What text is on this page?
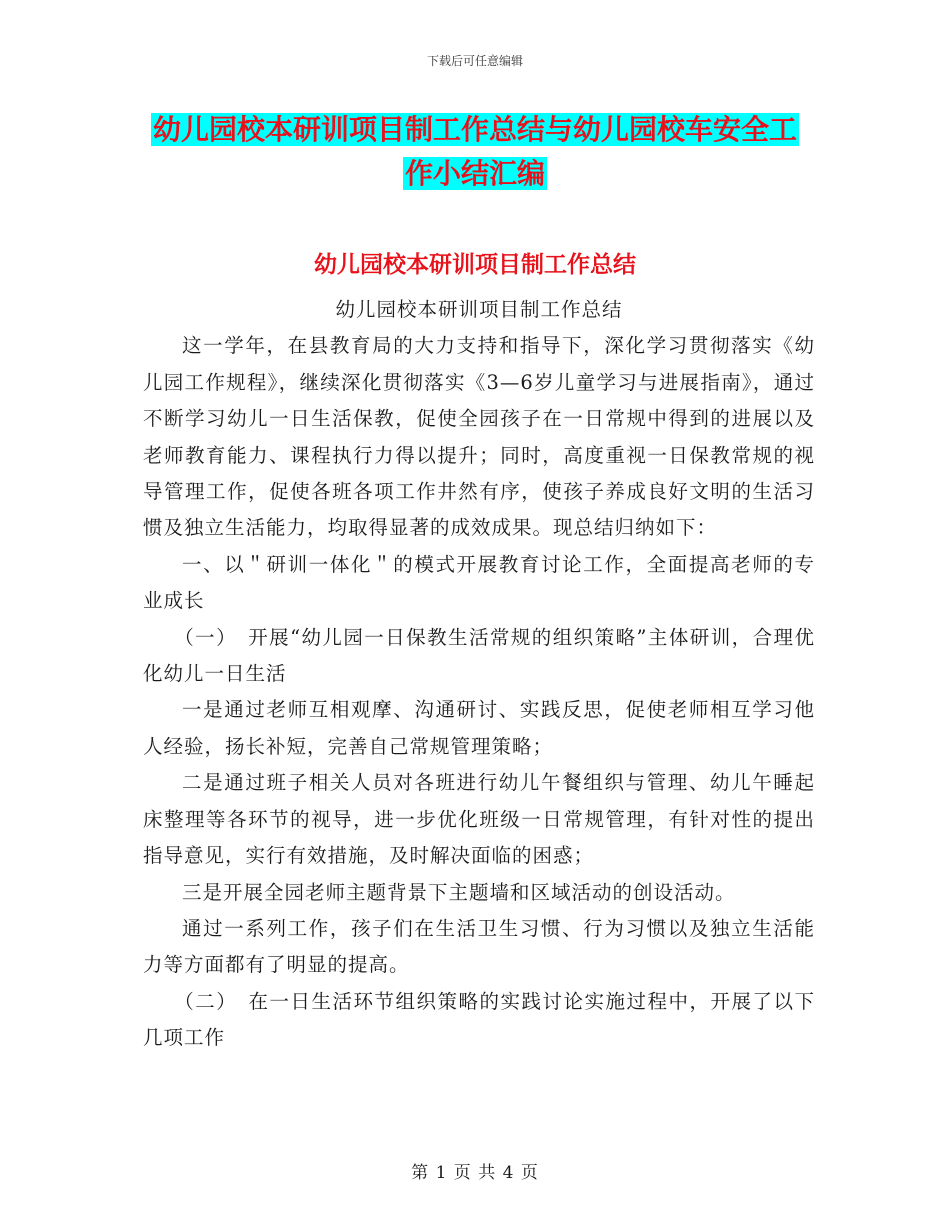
下载后可任意编辑
幼儿园校本研训项目制工作总结与幼儿园校车安全工
作小结汇编
幼儿园校本研训项目制工作总结

幼儿园校本研训项目制工作总结

这一学年，在县教育局的大力支持和指导下，深化学习贯彻落实《幼儿园工作规程》，继续深化贯彻落实《3—6岁儿童学习与进展指南》，通过不断学习幼儿一日生活保教，促使全园孩子在一日常规中得到的进展以及老师教育能力、课程执行力得以提升；同时，高度重视一日保教常规的视导管理工作，促使各班各项工作井然有序，使孩子养成良好文明的生活习惯及独立生活能力，均取得显著的成效成果。现总结归纳如下：

一、以＂研训一体化＂的模式开展教育讨论工作，全面提高老师的专业成长

（一）　开展“幼儿园一日保教生活常规的组织策略”主体研训，合理优化幼儿一日生活

一是通过老师互相观摩、沟通研讨、实践反思，促使老师相互学习他人经验，扬长补短，完善自己常规管理策略；

二是通过班子相关人员对各班进行幼儿午餐组织与管理、幼儿午睡起床整理等各环节的视导，进一步优化班级一日常规管理，有针对性的提出指导意见，实行有效措施，及时解决面临的困惑；

三是开展全园老师主题背景下主题墙和区域活动的创设活动。

通过一系列工作，孩子们在生活卫生习惯、行为习惯以及独立生活能力等方面都有了明显的提高。

（二）　在一日生活环节组织策略的实践讨论实施过程中，开展了以下几项工作

第 1 页 共 4 页
